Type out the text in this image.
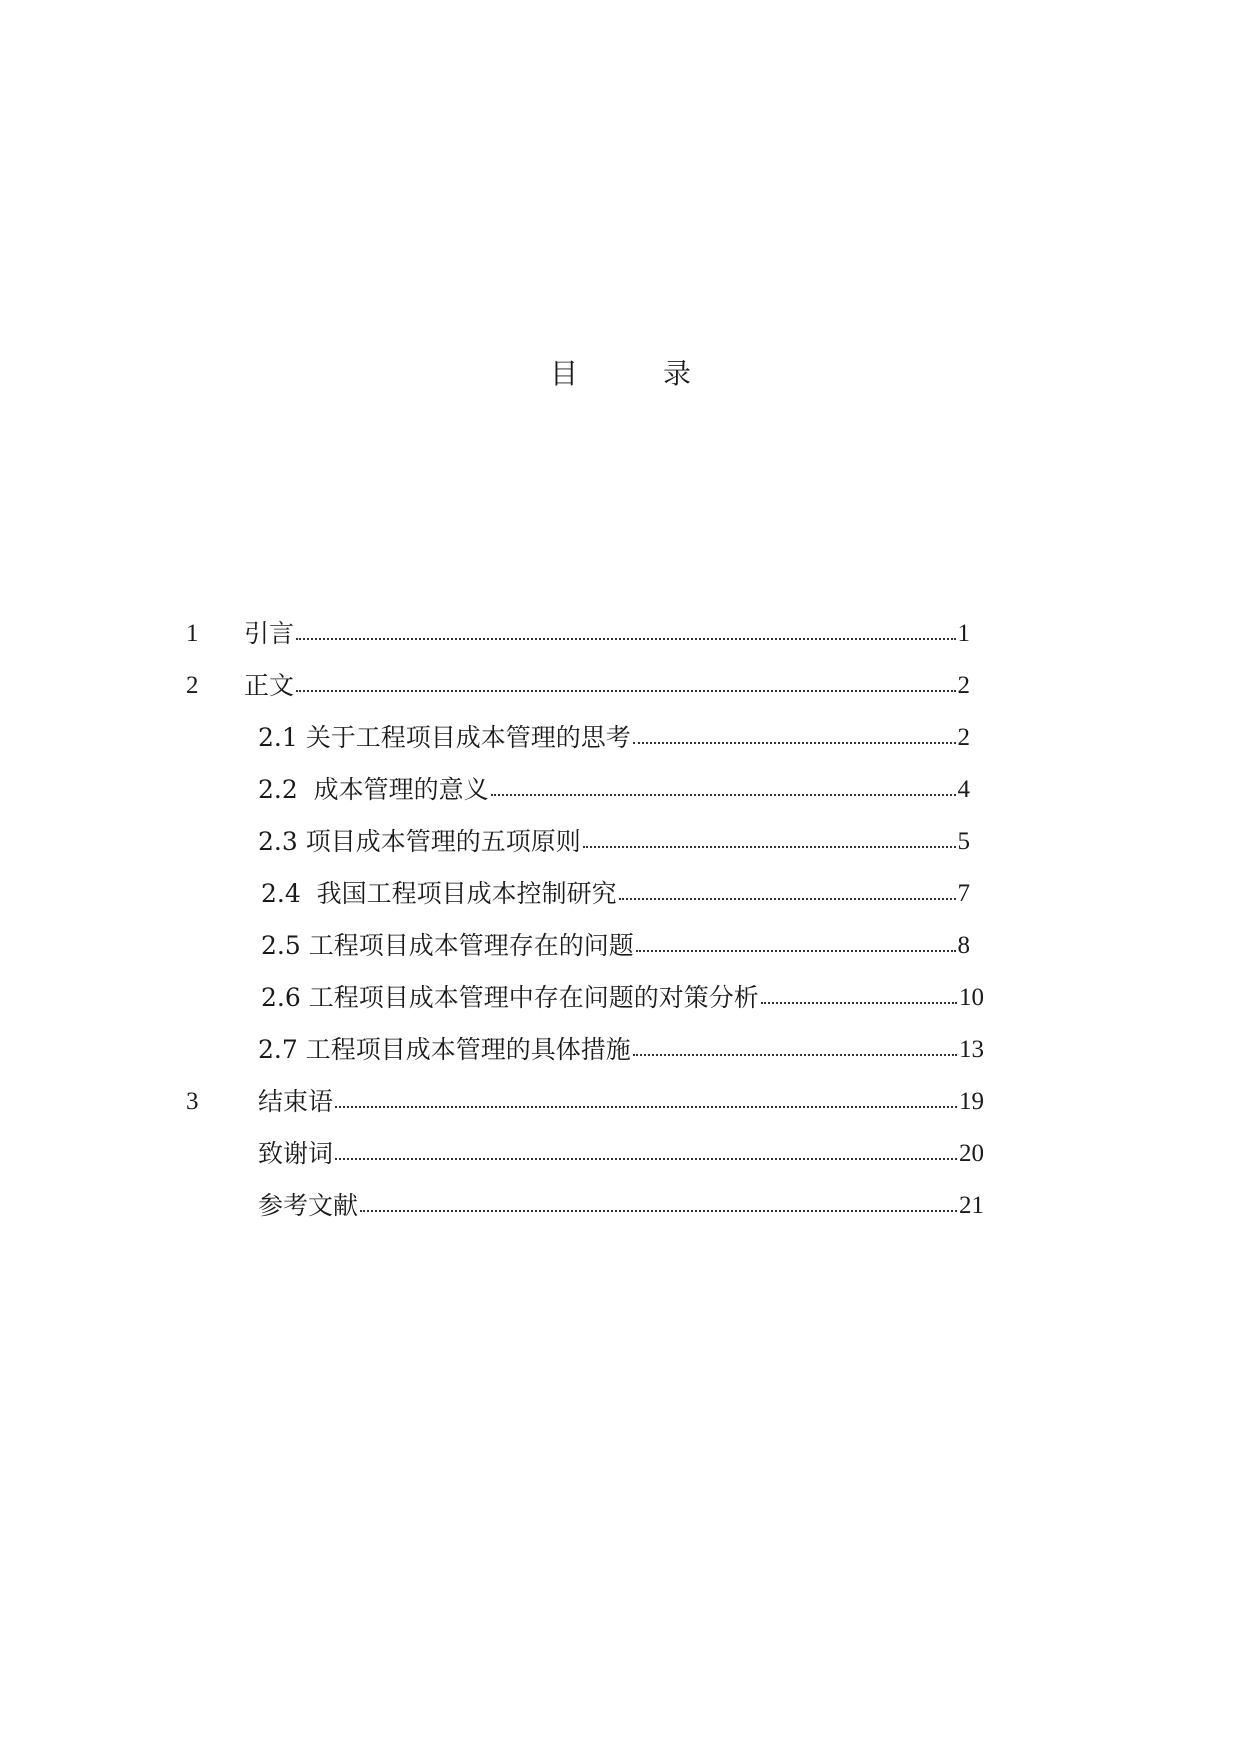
目 录
1 引言	1
2 正文	2
2.1 关于工程项目成本管理的思考	2
2.2  成本管理的意义	4
2.3 项目成本管理的五项原则	5
2.4  我国工程项目成本控制研究	7
2.5 工程项目成本管理存在的问题	8
2.6 工程项目成本管理中存在问题的对策分析	10
2.7 工程项目成本管理的具体措施	13
3 结束语	19
致谢词	20
参考文献	21
